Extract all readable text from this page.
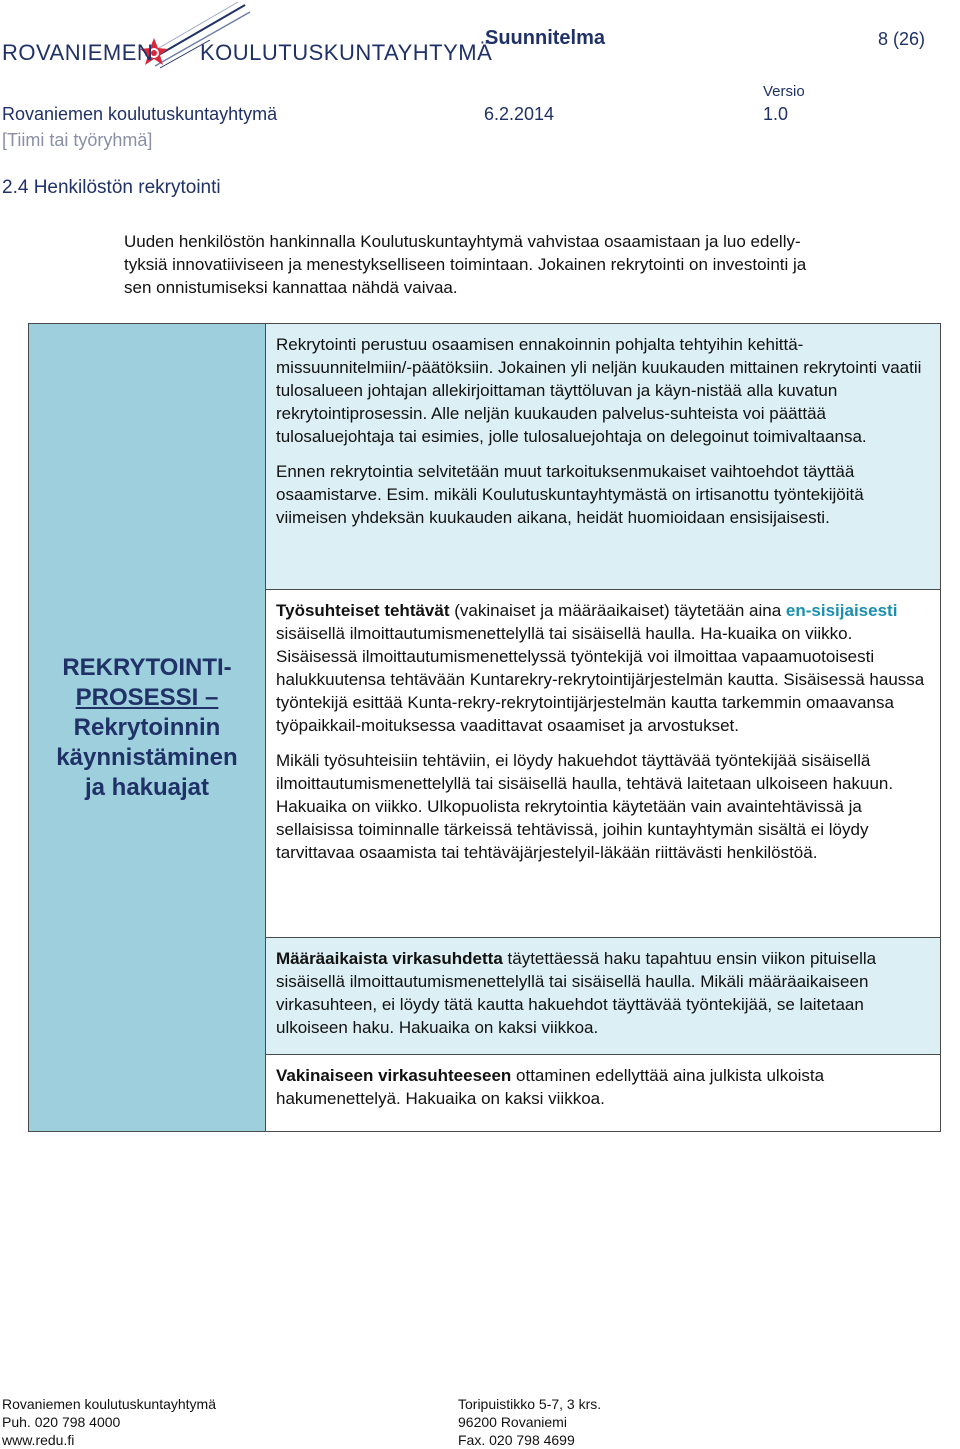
ROVANIEMEN KOULUTUSKUNTAYHTYMÄ
Suunnitelma	8 (26)
Rovaniemen koulutuskuntayhtymä	6.2.2014
Versio
1.0
[Tiimi tai työryhmä]
2.4 Henkilöstön rekrytointi
Uuden henkilöstön hankinnalla Koulutuskuntayhtymä vahvistaa osaamistaan ja luo edelly-
tyksiä innovatiiviseen ja menestykselliseen toimintaan. Jokainen rekrytointi on investointi ja
sen onnistumiseksi kannattaa nähdä vaivaa.
REKRYTOINTI-
PROSESSI –
Rekrytoinnin
käynnistäminen
ja hakuajat

Rekrytointi perustuu osaamisen ennakoinnin pohjalta tehtyihin kehittä-missuunnitelmiin/-päätöksiin. Jokainen yli neljän kuukauden mittainen rekrytointi vaatii tulosalueen johtajan allekirjoittaman täyttöluvan ja käyn-nistää alla kuvatun rekrytointiprosessin. Alle neljän kuukauden palvelus-suhteista voi päättää tulosaluejohtaja tai esimies, jolle tulosaluejohtaja on delegoinut toimivaltaansa.

Ennen rekrytointia selvitetään muut tarkoituksenmukaiset vaihtoehdot täyttää osaamistarve. Esim. mikäli Koulutuskuntayhtymästä on irtisanottu työntekijöitä viimeisen yhdeksän kuukauden aikana, heidät huomioidaan ensisijaisesti.

Työsuhteiset tehtävät (vakinaiset ja määräaikaiset) täytetään aina en-sisijaisesti sisäisellä ilmoittautumismenettelyllä tai sisäisellä haulla. Ha-kuaika on viikko. Sisäisessä ilmoittautumismenettelyssä työntekijä voi ilmoittaa vapaamuotoisesti halukkuutensa tehtävään Kuntarekry-rekrytointijärjestelmän kautta. Sisäisessä haussa työntekijä esittää Kunta-rekry-rekrytointijärjestelmän kautta tarkemmin omaavansa työpaikkail-moituksessa vaadittavat osaamiset ja arvostukset.

Mikäli työsuhteisiin tehtäviin, ei löydy hakuehdot täyttävää työntekijää sisäisellä ilmoittautumismenettelyllä tai sisäisellä haulla, tehtävä laitetaan ulkoiseen hakuun. Hakuaika on viikko. Ulkopuolista rekrytointia käytetään vain avaintehtävissä ja sellaisissa toiminnalle tärkeissä tehtävissä, joihin kuntayhtymän sisältä ei löydy tarvittavaa osaamista tai tehtäväjärjestelyil-läkään riittävästi henkilöstöä.

Määräaikaista virkasuhdetta täytettäessä haku tapahtuu ensin viikon pituisella sisäisellä ilmoittautumismenettelyllä tai sisäisellä haulla. Mikäli määräaikaiseen virkasuhteen, ei löydy tätä kautta hakuehdot täyttävää työntekijää, se laitetaan ulkoiseen haku. Hakuaika on kaksi viikkoa.

Vakinaiseen virkasuhteeseen ottaminen edellyttää aina julkista ulkoista hakumenettelyä. Hakuaika on kaksi viikkoa.

Rovaniemen koulutuskuntayhtymä
Puh. 020 798 4000
www.redu.fi
Toripuistikko 5-7, 3 krs.
96200 Rovaniemi
Fax. 020 798 4699
